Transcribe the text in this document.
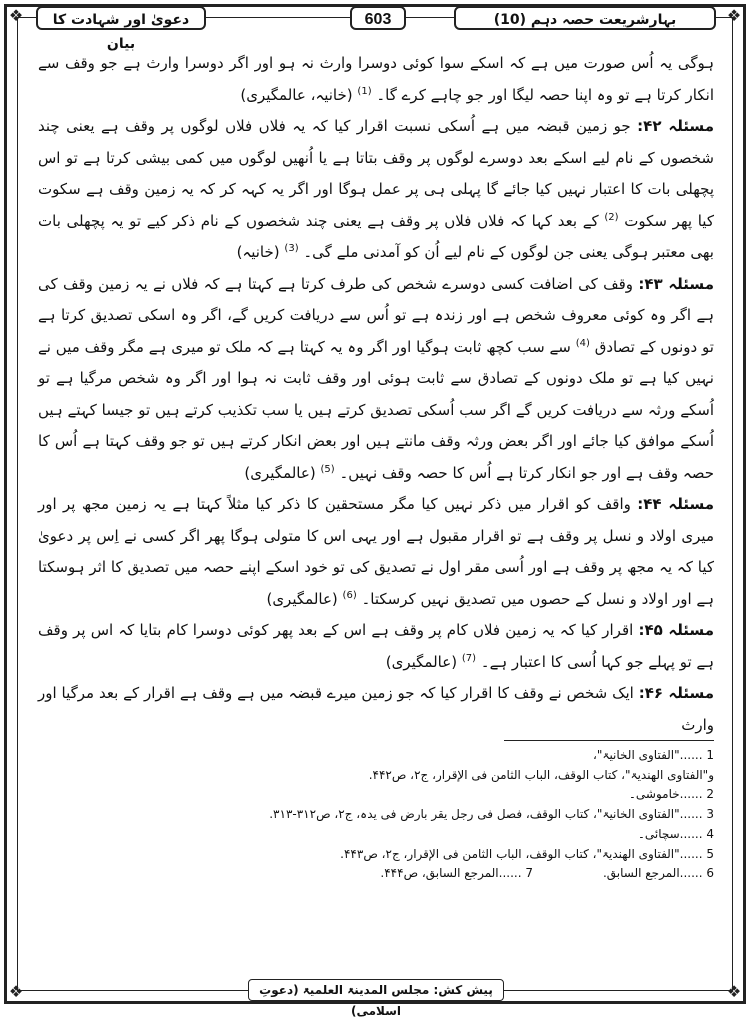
❖	❖
❖	❖
دعویٰ اور شہادت کا بیان
603	بہارِشریعت حصہ دہم (10)

ہوگی یہ اُس صورت میں ہے کہ اسکے سوا کوئی دوسرا وارث نہ ہو اور اگر دوسرا وارث ہے جو وقف سے انکار کرتا ہے تو وہ اپنا حصہ لیگا اور جو چاہے کرے گا۔ $^{(1)}$ (خانیہ، عالمگیری)

مسئلہ ۴۲: جو زمین قبضہ میں ہے اُسکی نسبت اقرار کیا کہ یہ فلاں فلاں لوگوں پر وقف ہے یعنی چند شخصوں کے نام لیے اسکے بعد دوسرے لوگوں پر وقف بتاتا ہے یا اُنھیں لوگوں میں کمی بیشی کرتا ہے تو اس پچھلی بات کا اعتبار نہیں کیا جائے گا پہلی ہی پر عمل ہوگا اور اگر یہ کہہ کر کہ یہ زمین وقف ہے سکوت کیا پھر سکوت $^{(2)}$ کے بعد کہا کہ فلاں فلاں پر وقف ہے یعنی چند شخصوں کے نام ذکر کیے تو یہ پچھلی بات بھی معتبر ہوگی یعنی جن لوگوں کے نام لیے اُن کو آمدنی ملے گی۔ $^{(3)}$ (خانیہ)

مسئلہ ۴۳: وقف کی اضافت کسی دوسرے شخص کی طرف کرتا ہے کہتا ہے کہ فلاں نے یہ زمین وقف کی ہے اگر وہ کوئی معروف شخص ہے اور زندہ ہے تو اُس سے دریافت کریں گے، اگر وہ اسکی تصدیق کرتا ہے تو دونوں کے تصادق $^{(4)}$ سے سب کچھ ثابت ہوگیا اور اگر وہ یہ کہتا ہے کہ ملک تو میری ہے مگر وقف میں نے نہیں کیا ہے تو ملک دونوں کے تصادق سے ثابت ہوئی اور وقف ثابت نہ ہوا اور اگر وہ شخص مرگیا ہے تو اُسکے ورثہ سے دریافت کریں گے اگر سب اُسکی تصدیق کرتے ہیں یا سب تکذیب کرتے ہیں تو جیسا کہتے ہیں اُسکے موافق کیا جائے اور اگر بعض ورثہ وقف مانتے ہیں اور بعض انکار کرتے ہیں تو جو وقف کہتا ہے اُس کا حصہ وقف ہے اور جو انکار کرتا ہے اُس کا حصہ وقف نہیں۔ $^{(5)}$ (عالمگیری)

مسئلہ ۴۴: واقف کو اقرار میں ذکر نہیں کیا مگر مستحقین کا ذکر کیا مثلاً کہتا ہے یہ زمین مجھ پر اور میری اولاد و نسل پر وقف ہے تو اقرار مقبول ہے اور یہی اس کا متولی ہوگا پھر اگر کسی نے اِس پر دعویٰ کیا کہ یہ مجھ پر وقف ہے اور اُسی مقر اول نے تصدیق کی تو خود اسکے اپنے حصہ میں تصدیق کا اثر ہوسکتا ہے اور اولاد و نسل کے حصوں میں تصدیق نہیں کرسکتا۔ $^{(6)}$ (عالمگیری)

مسئلہ ۴۵: اقرار کیا کہ یہ زمین فلاں کام پر وقف ہے اس کے بعد پھر کوئی دوسرا کام بتایا کہ اس پر وقف ہے تو پہلے جو کہا اُسی کا اعتبار ہے۔ $^{(7)}$ (عالمگیری)

مسئلہ ۴۶: ایک شخص نے وقف کا اقرار کیا کہ جو زمین میرے قبضہ میں ہے وقف ہے اقرار کے بعد مرگیا اور وارث

1 ......"الفتاوی الخانیۃ"،

و"الفتاوی الھندیۃ"، کتاب الوقف، الباب الثامن فی الإقرار، ج۲، ص۴۴۲.

2 ......خاموشی۔

3 ......"الفتاوی الخانیۃ"، کتاب الوقف، فصل فی رجل یقر بارض فی یدہ، ج۲، ص۳۱۲-۳۱۳.

4 ......سچائی۔

5 ......"الفتاوی الھندیۃ"، کتاب الوقف، الباب الثامن فی الإقرار، ج۲، ص۴۴۳.

6 ......المرجع السابق.
7 ......المرجع السابق، ص۴۴۴.

پیش کش: مجلس المدینۃ العلمیۃ (دعوتِ اسلامی)
